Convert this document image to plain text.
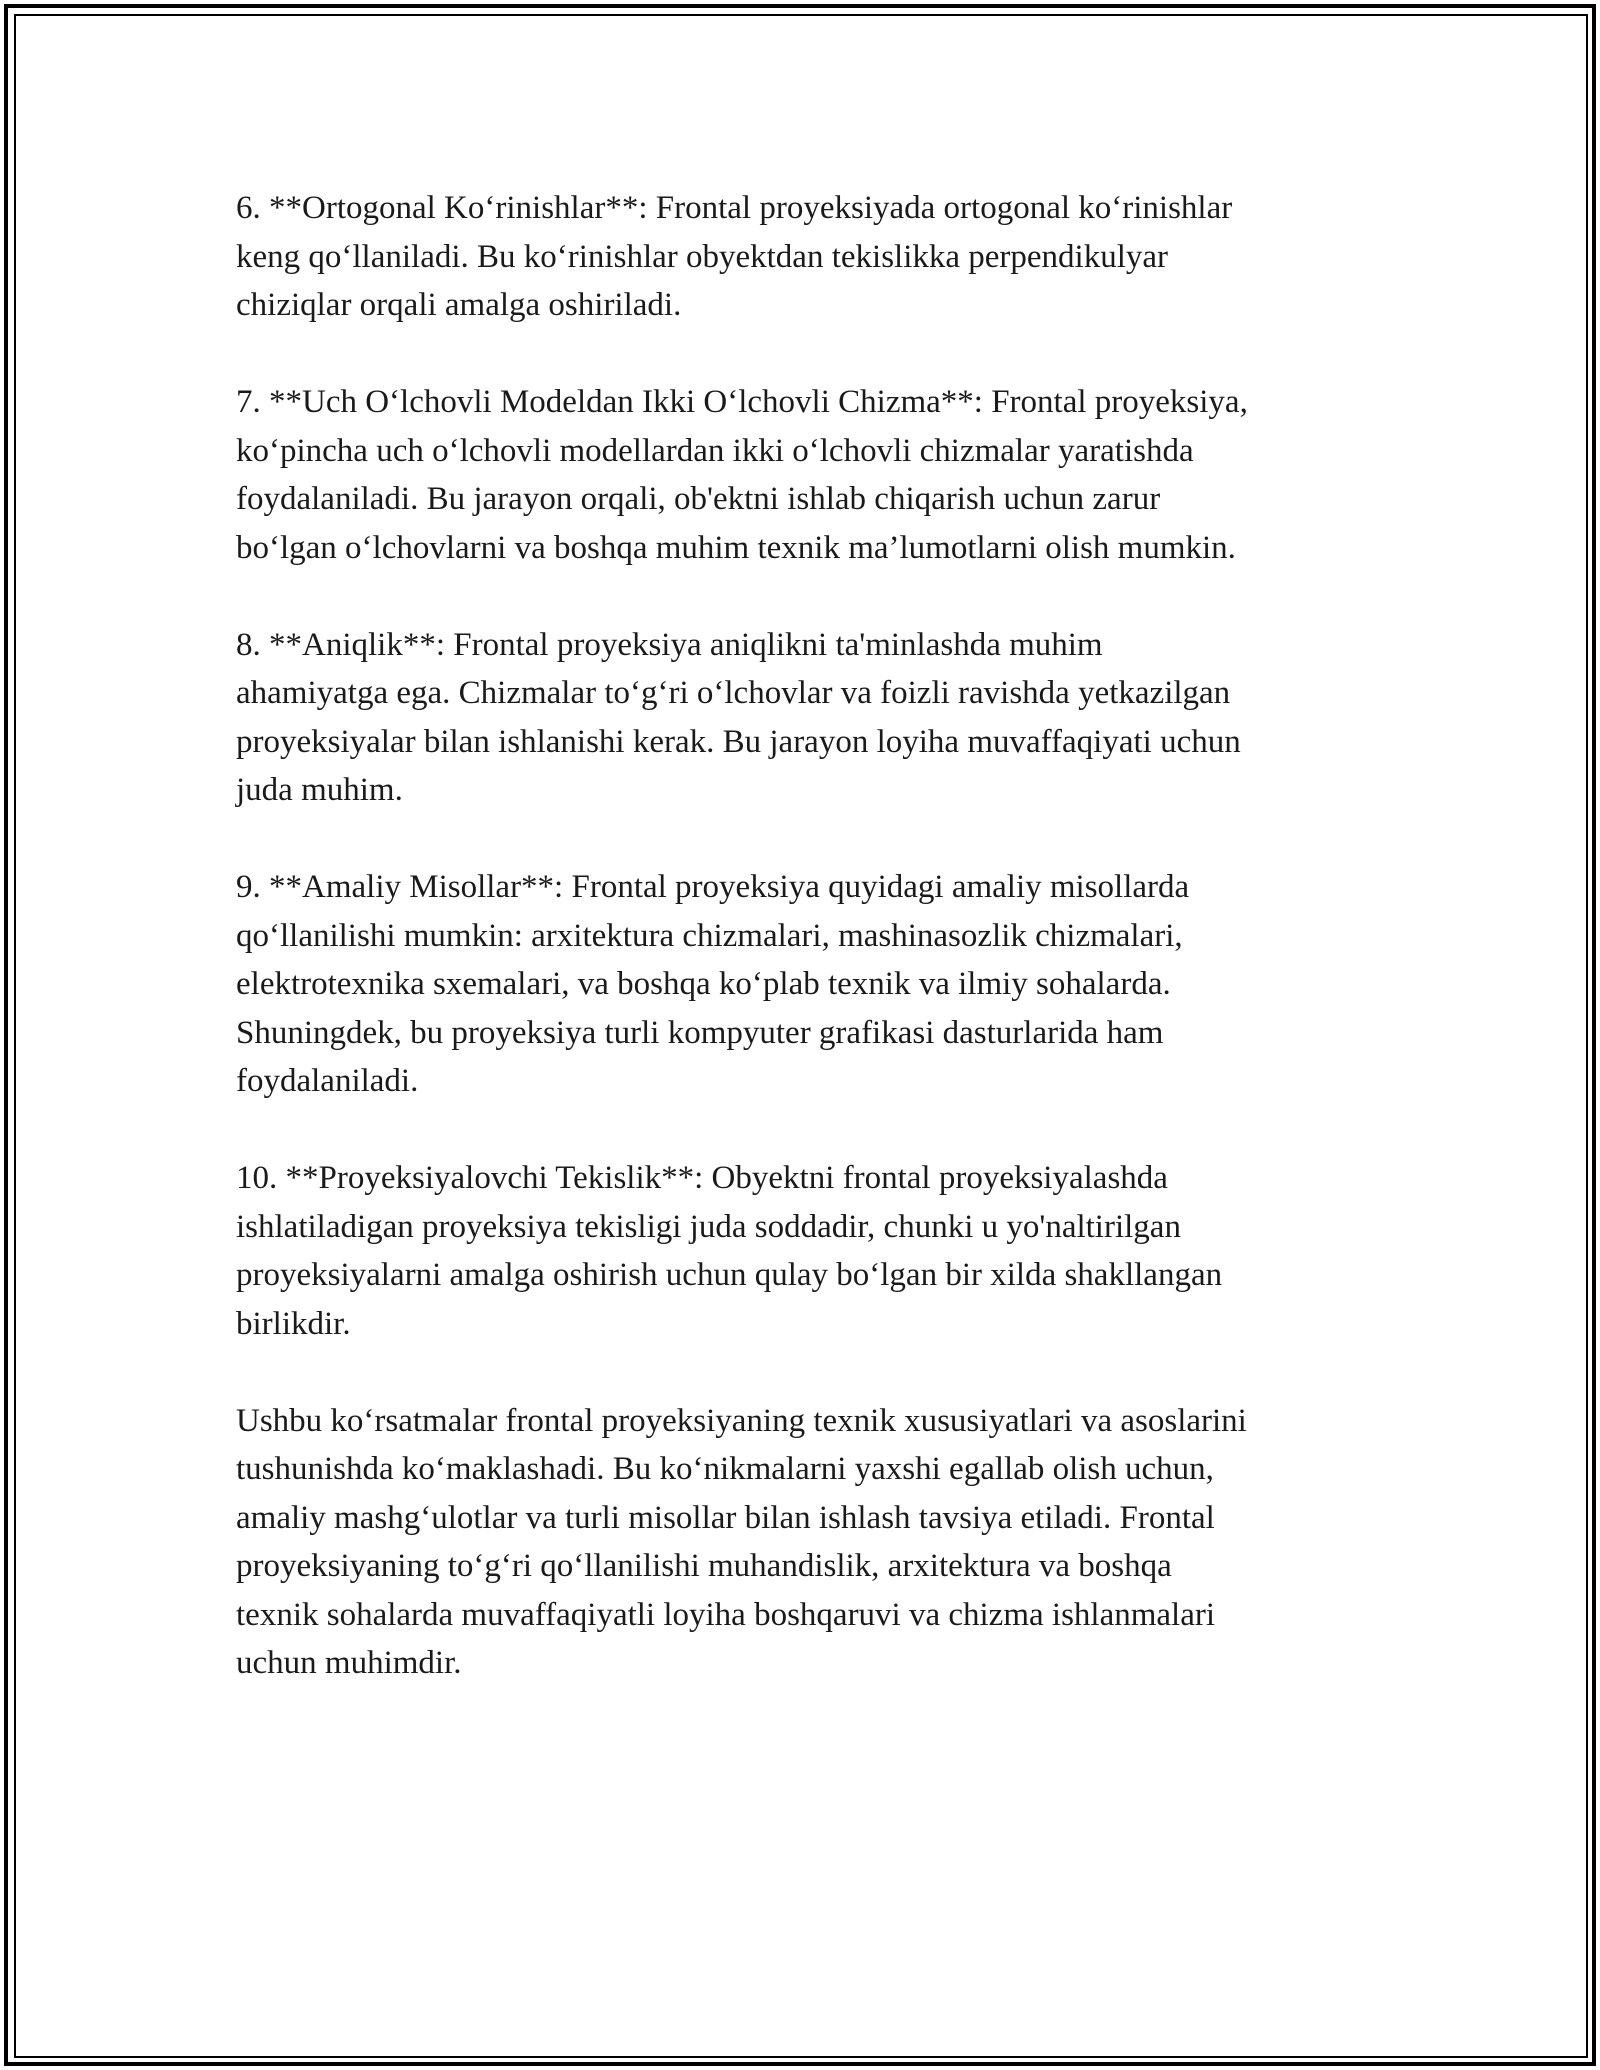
6. **Ortogonal Koʻrinishlar**: Frontal proyeksiyada ortogonal koʻrinishlar
keng qoʻllaniladi. Bu koʻrinishlar obyektdan tekislikka perpendikulyar
chiziqlar orqali amalga oshiriladi.

7. **Uch Oʻlchovli Modeldan Ikki Oʻlchovli Chizma**: Frontal proyeksiya,
koʻpincha uch oʻlchovli modellardan ikki oʻlchovli chizmalar yaratishda
foydalaniladi. Bu jarayon orqali, ob'ektni ishlab chiqarish uchun zarur
boʻlgan oʻlchovlarni va boshqa muhim texnik ma’lumotlarni olish mumkin.

8. **Aniqlik**: Frontal proyeksiya aniqlikni ta'minlashda muhim
ahamiyatga ega. Chizmalar toʻgʻri oʻlchovlar va foizli ravishda yetkazilgan
proyeksiyalar bilan ishlanishi kerak. Bu jarayon loyiha muvaffaqiyati uchun
juda muhim.

9. **Amaliy Misollar**: Frontal proyeksiya quyidagi amaliy misollarda
qoʻllanilishi mumkin: arxitektura chizmalari, mashinasozlik chizmalari,
elektrotexnika sxemalari, va boshqa koʻplab texnik va ilmiy sohalarda.
Shuningdek, bu proyeksiya turli kompyuter grafikasi dasturlarida ham
foydalaniladi.

10. **Proyeksiyalovchi Tekislik**: Obyektni frontal proyeksiyalashda
ishlatiladigan proyeksiya tekisligi juda soddadir, chunki u yo'naltirilgan
proyeksiyalarni amalga oshirish uchun qulay boʻlgan bir xilda shakllangan
birlikdir.

Ushbu koʻrsatmalar frontal proyeksiyaning texnik xususiyatlari va asoslarini
tushunishda koʻmaklashadi. Bu koʻnikmalarni yaxshi egallab olish uchun,
amaliy mashgʻulotlar va turli misollar bilan ishlash tavsiya etiladi. Frontal
proyeksiyaning toʻgʻri qoʻllanilishi muhandislik, arxitektura va boshqa
texnik sohalarda muvaffaqiyatli loyiha boshqaruvi va chizma ishlanmalari
uchun muhimdir.
